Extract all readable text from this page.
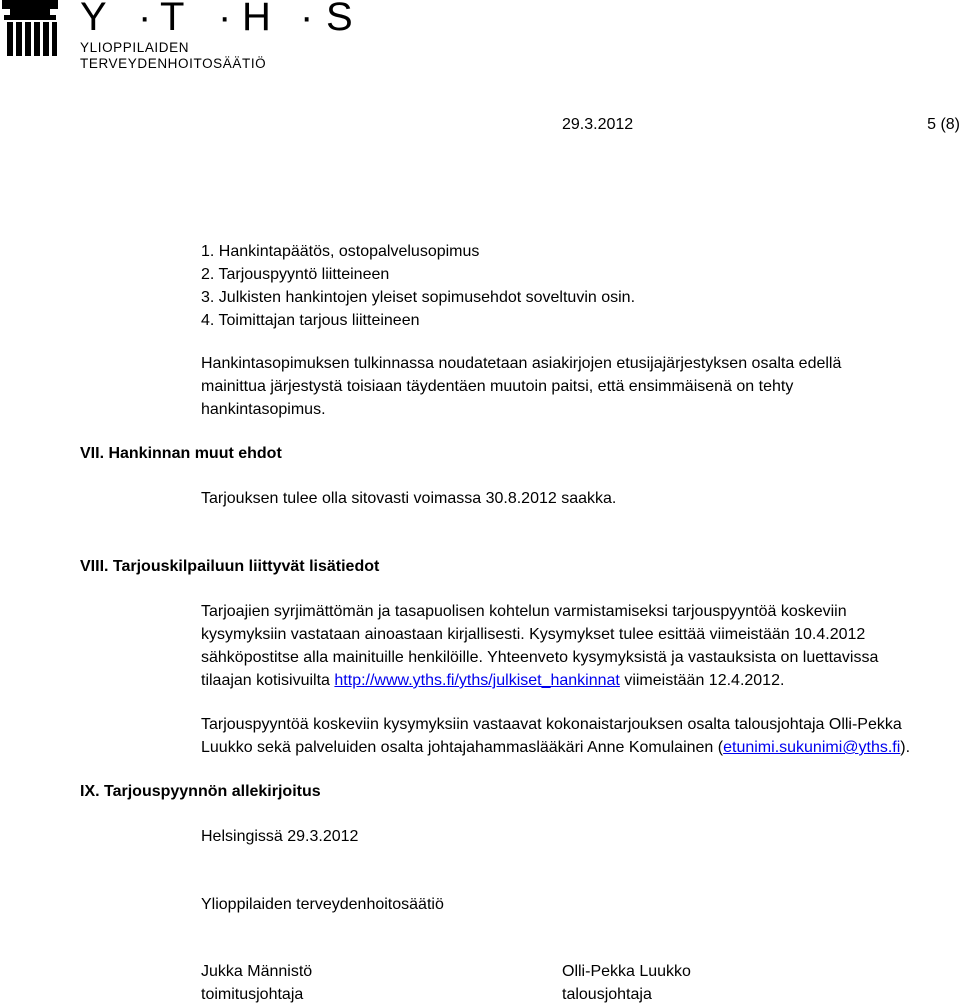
Y · T · H · S
YLIOPPILAIDEN TERVEYDENHOITOSÄÄTIÖ
29.3.2012	5 (8)
1. Hankintapäätös, ostopalvelusopimus
2. Tarjouspyyntö liitteineen
3. Julkisten hankintojen yleiset sopimusehdot soveltuvin osin.
4. Toimittajan tarjous liitteineen
Hankintasopimuksen tulkinnassa noudatetaan asiakirjojen etusijajärjestyksen osalta edellä
mainittua järjestystä toisiaan täydentäen muutoin paitsi, että ensimmäisenä on tehty
hankintasopimus.
VII. Hankinnan muut ehdot
Tarjouksen tulee olla sitovasti voimassa 30.8.2012 saakka.
VIII. Tarjouskilpailuun liittyvät lisätiedot
Tarjoajien syrjimättömän ja tasapuolisen kohtelun varmistamiseksi tarjouspyyntöä koskeviin
kysymyksiin vastataan ainoastaan kirjallisesti. Kysymykset tulee esittää viimeistään 10.4.2012
sähköpostitse alla mainituille henkilöille. Yhteenveto kysymyksistä ja vastauksista on luettavissa
tilaajan kotisivuilta http://www.yths.fi/yths/julkiset_hankinnat viimeistään 12.4.2012.
Tarjouspyyntöä koskeviin kysymyksiin vastaavat kokonaistarjouksen osalta talousjohtaja Olli-Pekka
Luukko sekä palveluiden osalta johtajahammaslääkäri Anne Komulainen (etunimi.sukunimi@yths.fi).
IX. Tarjouspyynnön allekirjoitus
Helsingissä 29.3.2012
Ylioppilaiden terveydenhoitosäätiö
Jukka Männistö
toimitusjohtaja
Olli-Pekka Luukko
talousjohtaja
